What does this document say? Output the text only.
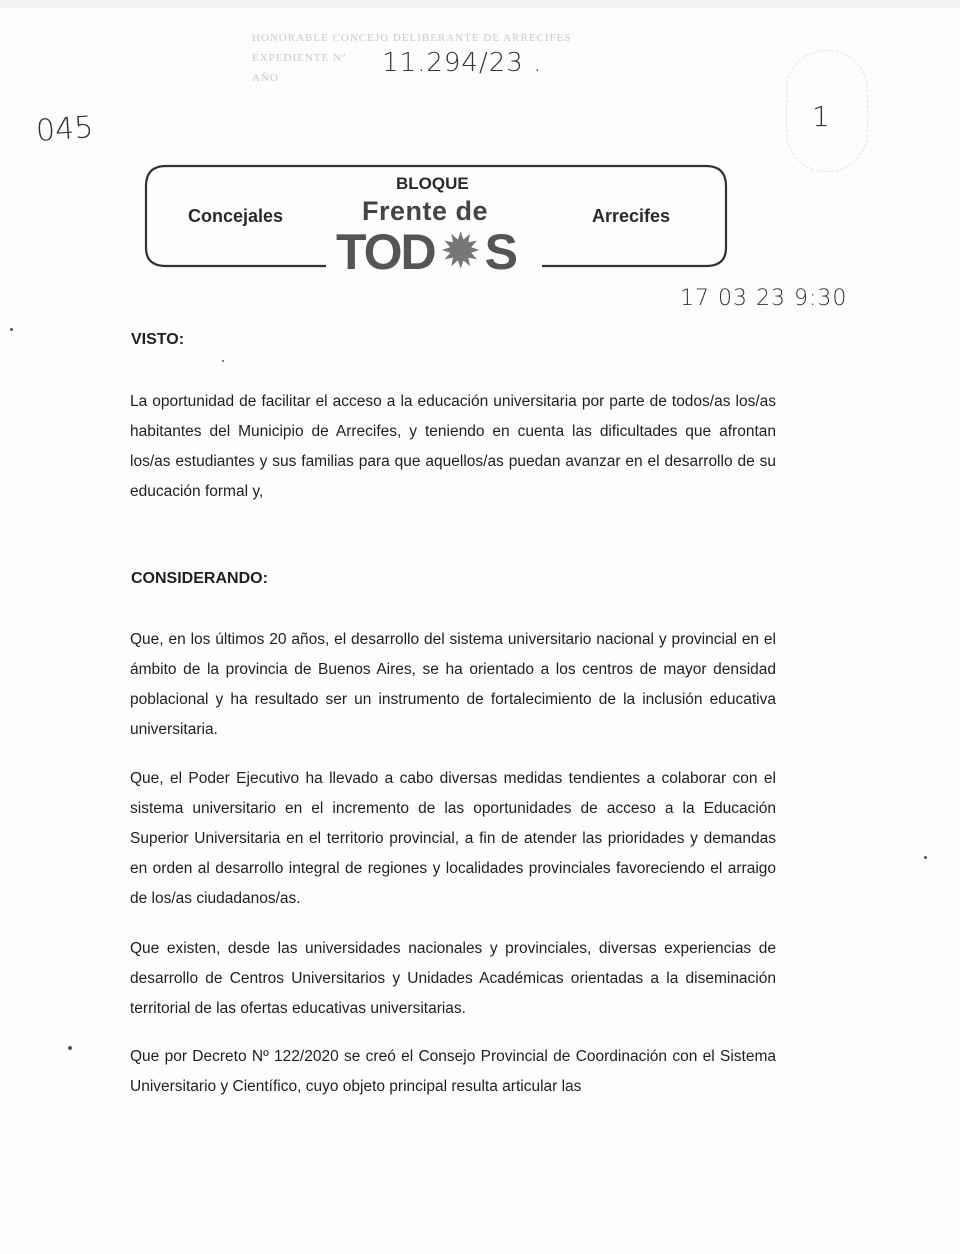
HONORABLE CONCEJO DELIBERANTE DE ARRECIFES
EXPEDIENTE Nº
AÑO	11.294/23 .
045	1
Concejales
BLOQUE
Frente de
TOD ✹ S
Arrecifes
17 03 23 9:30
VISTO:
La oportunidad de facilitar el acceso a la educación universitaria por parte de todos/as los/as habitantes del Municipio de Arrecifes, y teniendo en cuenta las dificultades que afrontan los/as estudiantes y sus familias para que aquellos/as puedan avanzar en el desarrollo de su educación formal y,
CONSIDERANDO:
Que, en los últimos 20 años, el desarrollo del sistema universitario nacional y provincial en el ámbito de la provincia de Buenos Aires, se ha orientado a los centros de mayor densidad poblacional y ha resultado ser un instrumento de fortalecimiento de la inclusión educativa universitaria.
Que, el Poder Ejecutivo ha llevado a cabo diversas medidas tendientes a colaborar con el sistema universitario en el incremento de las oportunidades de acceso a la Educación Superior Universitaria en el territorio provincial, a fin de atender las prioridades y demandas en orden al desarrollo integral de regiones y localidades provinciales favoreciendo el arraigo de los/as ciudadanos/as.
Que existen, desde las universidades nacionales y provinciales, diversas experiencias de desarrollo de Centros Universitarios y Unidades Académicas orientadas a la diseminación territorial de las ofertas educativas universitarias.
Que por Decreto Nº 122/2020 se creó el Consejo Provincial de Coordinación con el Sistema Universitario y Científico, cuyo objeto principal resulta articular las
